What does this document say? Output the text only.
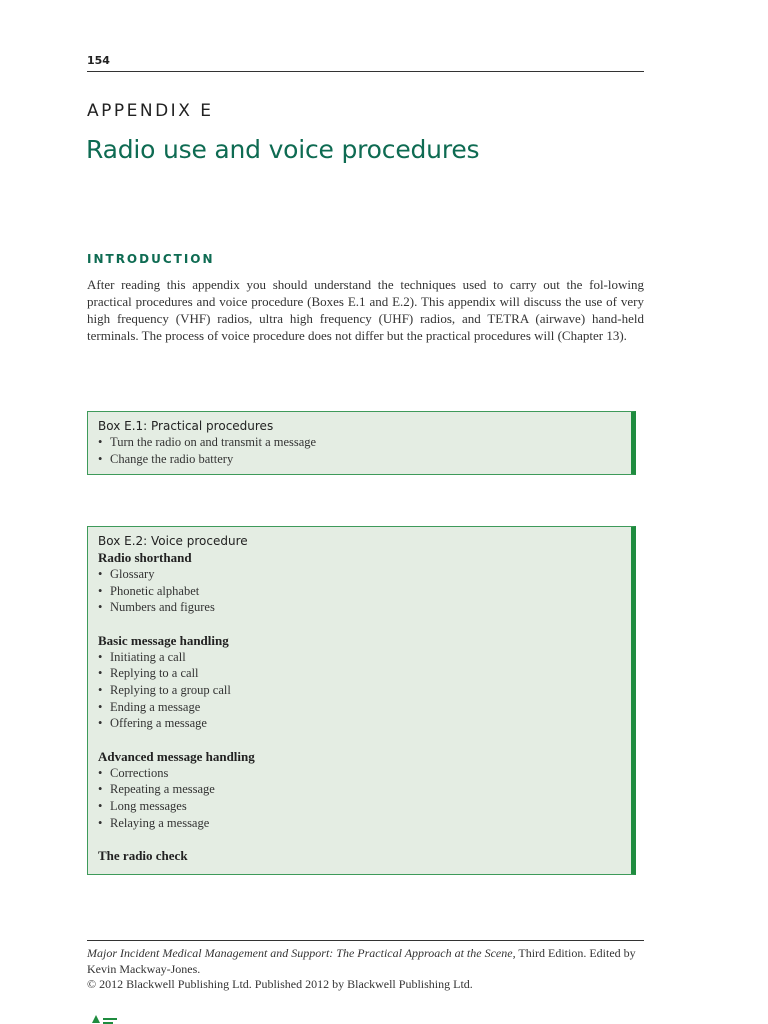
154
APPENDIX E
Radio use and voice procedures
INTRODUCTION

After reading this appendix you should understand the techniques used to carry out the fol-lowing practical procedures and voice procedure (Boxes E.1 and E.2). This appendix will discuss the use of very high frequency (VHF) radios, ultra high frequency (UHF) radios, and TETRA (airwave) hand-held terminals. The process of voice procedure does not differ but the practical procedures will (Chapter 13).

Box E.1: Practical procedures
• Turn the radio on and transmit a message
• Change the radio battery
Box E.2: Voice procedure
Radio shorthand
• Glossary
• Phonetic alphabet
• Numbers and figures
Basic message handling
• Initiating a call
• Replying to a call
• Replying to a group call
• Ending a message
• Offering a message
Advanced message handling
• Corrections
• Repeating a message
• Long messages
• Relaying a message
The radio check
Major Incident Medical Management and Support: The Practical Approach at the Scene, Third Edition. Edited by Kevin Mackway-Jones.
© 2012 Blackwell Publishing Ltd. Published 2012 by Blackwell Publishing Ltd.
